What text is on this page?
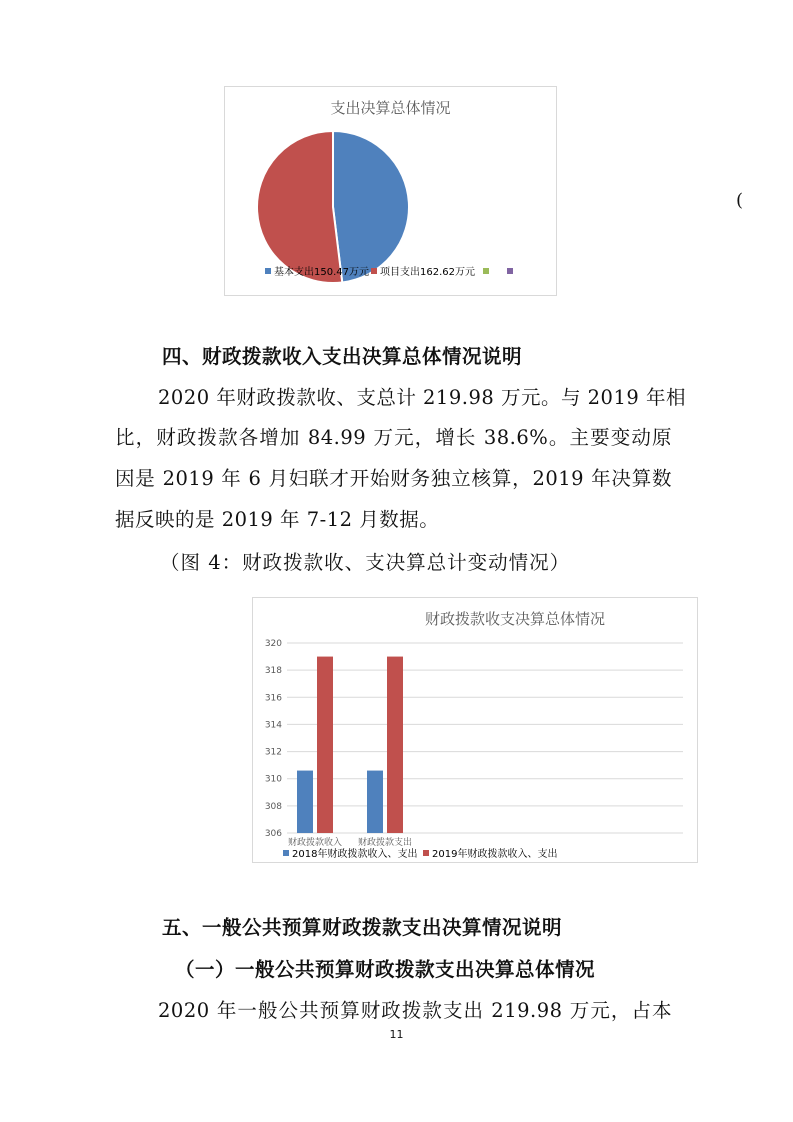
(
支出决算总体情况
基本支出150.47万元 项目支出162.62万元
四、财政拨款收入支出决算总体情况说明
2020 年财政拨款收、支总计 219.98 万元。与 2019 年相
比，财政拨款各增加 84.99 万元，增长 38.6%。主要变动原
因是 2019 年 6 月妇联才开始财务独立核算，2019 年决算数
据反映的是 2019 年 7-12 月数据。
（图 4：财政拨款收、支决算总计变动情况）
财政拨款收支决算总体情况
306
308
310
312
314
316
318
320
财政拨款收入 财政拨款支出
2018年财政拨款收入、支出 2019年财政拨款收入、支出
五、一般公共预算财政拨款支出决算情况说明
（一）一般公共预算财政拨款支出决算总体情况
2020 年一般公共预算财政拨款支出 219.98 万元，占本
11
